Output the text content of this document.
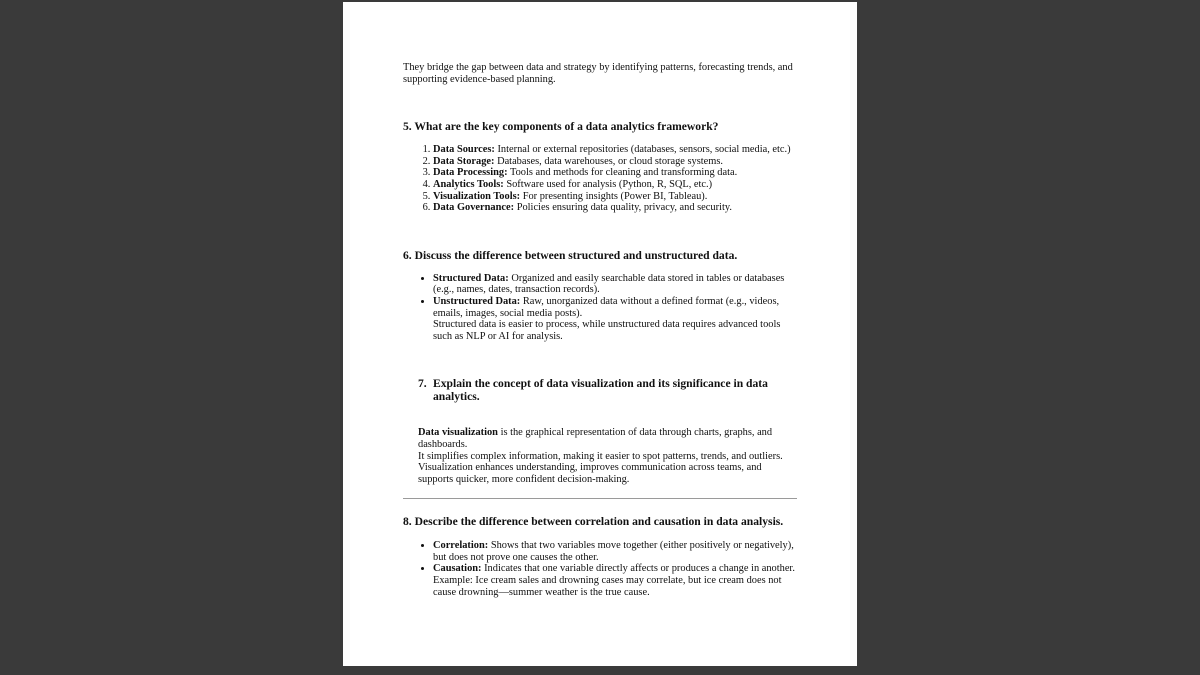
They bridge the gap between data and strategy by identifying patterns, forecasting trends, and supporting evidence-based planning.

5. What are the key components of a data analytics framework?
1. Data Sources: Internal or external repositories (databases, sensors, social media, etc.)
2. Data Storage: Databases, data warehouses, or cloud storage systems.
3. Data Processing: Tools and methods for cleaning and transforming data.
4. Analytics Tools: Software used for analysis (Python, R, SQL, etc.)
5. Visualization Tools: For presenting insights (Power BI, Tableau).
6. Data Governance: Policies ensuring data quality, privacy, and security.
6. Discuss the difference between structured and unstructured data.
• Structured Data: Organized and easily searchable data stored in tables or databases (e.g., names, dates, transaction records).
• Unstructured Data: Raw, unorganized data without a defined format (e.g., videos, emails, images, social media posts).
Structured data is easier to process, while unstructured data requires advanced tools such as NLP or AI for analysis.
7. Explain the concept of data visualization and its significance in data analytics.

Data visualization is the graphical representation of data through charts, graphs, and dashboards.

It simplifies complex information, making it easier to spot patterns, trends, and outliers.

Visualization enhances understanding, improves communication across teams, and supports quicker, more confident decision-making.

8. Describe the difference between correlation and causation in data analysis.
• Correlation: Shows that two variables move together (either positively or negatively), but does not prove one causes the other.
• Causation: Indicates that one variable directly affects or produces a change in another.
Example: Ice cream sales and drowning cases may correlate, but ice cream does not cause drowning—summer weather is the true cause.
